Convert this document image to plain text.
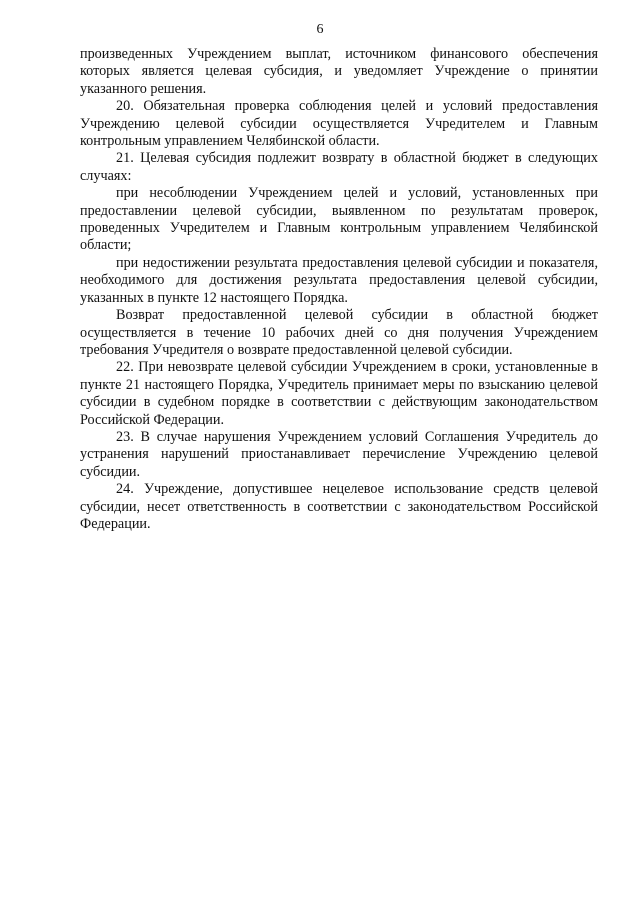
6

произведенных Учреждением выплат, источником финансового обеспечения которых является целевая субсидия, и уведомляет Учреждение о принятии указанного решения.

20. Обязательная проверка соблюдения целей и условий предоставления Учреждению целевой субсидии осуществляется Учредителем и Главным контрольным управлением Челябинской области.

21. Целевая субсидия подлежит возврату в областной бюджет в следующих случаях:

при несоблюдении Учреждением целей и условий, установленных при предоставлении целевой субсидии, выявленном по результатам проверок, проведенных Учредителем и Главным контрольным управлением Челябинской области;

при недостижении результата предоставления целевой субсидии и показателя, необходимого для достижения результата предоставления целевой субсидии, указанных в пункте 12 настоящего Порядка.

Возврат предоставленной целевой субсидии в областной бюджет осуществляется в течение 10 рабочих дней со дня получения Учреждением требования Учредителя о возврате предоставленной целевой субсидии.

22. При невозврате целевой субсидии Учреждением в сроки, установленные в пункте 21 настоящего Порядка, Учредитель принимает меры по взысканию целевой субсидии в судебном порядке в соответствии с действующим законодательством Российской Федерации.

23. В случае нарушения Учреждением условий Соглашения Учредитель до устранения нарушений приостанавливает перечисление Учреждению целевой субсидии.

24. Учреждение, допустившее нецелевое использование средств целевой субсидии, несет ответственность в соответствии с законодательством Российской Федерации.
